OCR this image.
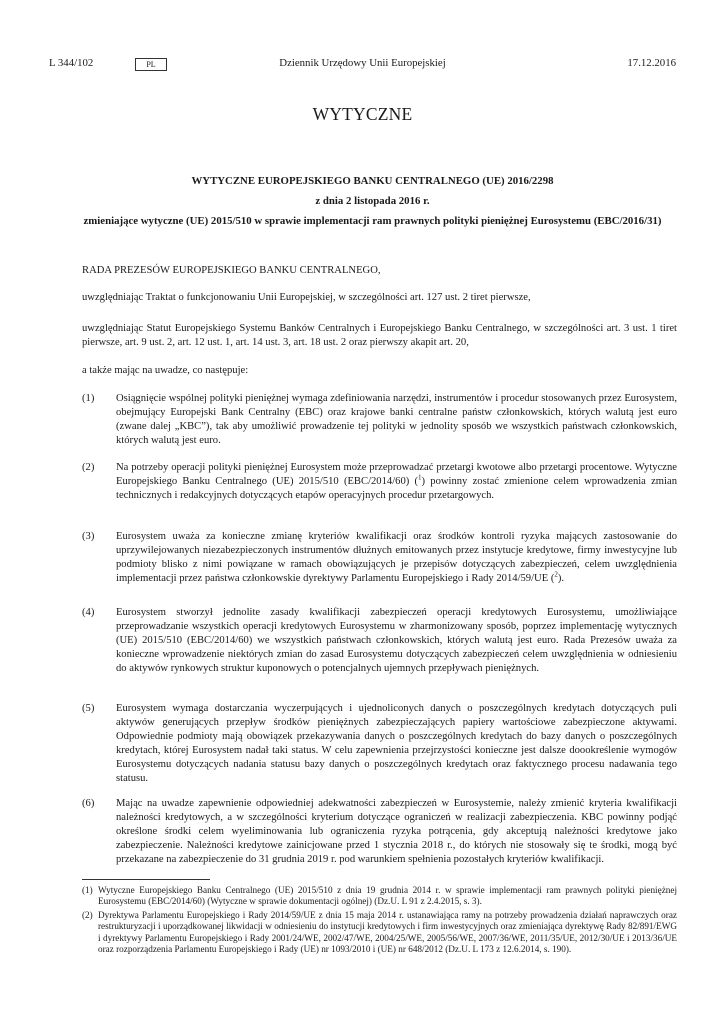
L 344/102	PL	Dziennik Urzędowy Unii Europejskiej	17.12.2016
WYTYCZNE
WYTYCZNE EUROPEJSKIEGO BANKU CENTRALNEGO (UE) 2016/2298
z dnia 2 listopada 2016 r.
zmieniające wytyczne (UE) 2015/510 w sprawie implementacji ram prawnych polityki pieniężnej Eurosystemu (EBC/2016/31)
RADA PREZESÓW EUROPEJSKIEGO BANKU CENTRALNEGO,
uwzględniając Traktat o funkcjonowaniu Unii Europejskiej, w szczególności art. 127 ust. 2 tiret pierwsze,
uwzględniając Statut Europejskiego Systemu Banków Centralnych i Europejskiego Banku Centralnego, w szczególności art. 3 ust. 1 tiret pierwsze, art. 9 ust. 2, art. 12 ust. 1, art. 14 ust. 3, art. 18 ust. 2 oraz pierwszy akapit art. 20,
a także mając na uwadze, co następuje:
(1) Osiągnięcie wspólnej polityki pieniężnej wymaga zdefiniowania narzędzi, instrumentów i procedur stosowanych przez Eurosystem, obejmujący Europejski Bank Centralny (EBC) oraz krajowe banki centralne państw członkowskich, których walutą jest euro (zwane dalej „KBC”), tak aby umożliwić prowadzenie tej polityki w jednolity sposób we wszystkich państwach członkowskich, których walutą jest euro.
(2) Na potrzeby operacji polityki pieniężnej Eurosystem może przeprowadzać przetargi kwotowe albo przetargi procentowe. Wytyczne Europejskiego Banku Centralnego (UE) 2015/510 (EBC/2014/60) ($^1$) powinny zostać zmienione celem wprowadzenia zmian technicznych i redakcyjnych dotyczących etapów operacyjnych procedur przetargowych.
(3) Eurosystem uważa za konieczne zmianę kryteriów kwalifikacji oraz środków kontroli ryzyka mających zastosowanie do uprzywilejowanych niezabezpieczonych instrumentów dłużnych emitowanych przez instytucje kredytowe, firmy inwestycyjne lub podmioty blisko z nimi powiązane w ramach obowiązujących je przepisów dotyczących zabezpieczeń, celem uwzględnienia implementacji przez państwa członkowskie dyrektywy Parlamentu Europejskiego i Rady 2014/59/UE ($^2$).
(4) Eurosystem stworzył jednolite zasady kwalifikacji zabezpieczeń operacji kredytowych Eurosystemu, umożliwiające przeprowadzanie wszystkich operacji kredytowych Eurosystemu w zharmonizowany sposób, poprzez implementację wytycznych (UE) 2015/510 (EBC/2014/60) we wszystkich państwach członkowskich, których walutą jest euro. Rada Prezesów uważa za konieczne wprowadzenie niektórych zmian do zasad Eurosystemu dotyczących zabezpieczeń celem uwzględnienia w odniesieniu do aktywów rynkowych struktur kuponowych o potencjalnych ujemnych przepływach pieniężnych.
(5) Eurosystem wymaga dostarczania wyczerpujących i ujednoliconych danych o poszczególnych kredytach dotyczących puli aktywów generujących przepływ środków pieniężnych zabezpieczających papiery wartościowe zabezpieczone aktywami. Odpowiednie podmioty mają obowiązek przekazywania danych o poszczególnych kredytach do bazy danych o poszczególnych kredytach, której Eurosystem nadał taki status. W celu zapewnienia przejrzystości konieczne jest dalsze doookreślenie wymogów Eurosystemu dotyczących nadania statusu bazy danych o poszczególnych kredytach oraz faktycznego procesu nadawania tego statusu.
(6) Mając na uwadze zapewnienie odpowiedniej adekwatności zabezpieczeń w Eurosystemie, należy zmienić kryteria kwalifikacji należności kredytowych, a w szczególności kryterium dotyczące ograniczeń w realizacji zabezpieczenia. KBC powinny podjąć określone środki celem wyeliminowania lub ograniczenia ryzyka potrącenia, gdy akceptują należności kredytowe jako zabezpieczenie. Należności kredytowe zainicjowane przed 1 stycznia 2018 r., do których nie stosowały się te środki, mogą być przekazane na zabezpieczenie do 31 grudnia 2019 r. pod warunkiem spełnienia pozostałych kryteriów kwalifikacji.
(1) Wytyczne Europejskiego Banku Centralnego (UE) 2015/510 z dnia 19 grudnia 2014 r. w sprawie implementacji ram prawnych polityki pieniężnej Eurosystemu (EBC/2014/60) (Wytyczne w sprawie dokumentacji ogólnej) (Dz.U. L 91 z 2.4.2015, s. 3).
(2) Dyrektywa Parlamentu Europejskiego i Rady 2014/59/UE z dnia 15 maja 2014 r. ustanawiająca ramy na potrzeby prowadzenia działań naprawczych oraz restrukturyzacji i uporządkowanej likwidacji w odniesieniu do instytucji kredytowych i firm inwestycyjnych oraz zmieniająca dyrektywę Rady 82/891/EWG i dyrektywy Parlamentu Europejskiego i Rady 2001/24/WE, 2002/47/WE, 2004/25/WE, 2005/56/WE, 2007/36/WE, 2011/35/UE, 2012/30/UE i 2013/36/UE oraz rozporządzenia Parlamentu Europejskiego i Rady (UE) nr 1093/2010 i (UE) nr 648/2012 (Dz.U. L 173 z 12.6.2014, s. 190).
